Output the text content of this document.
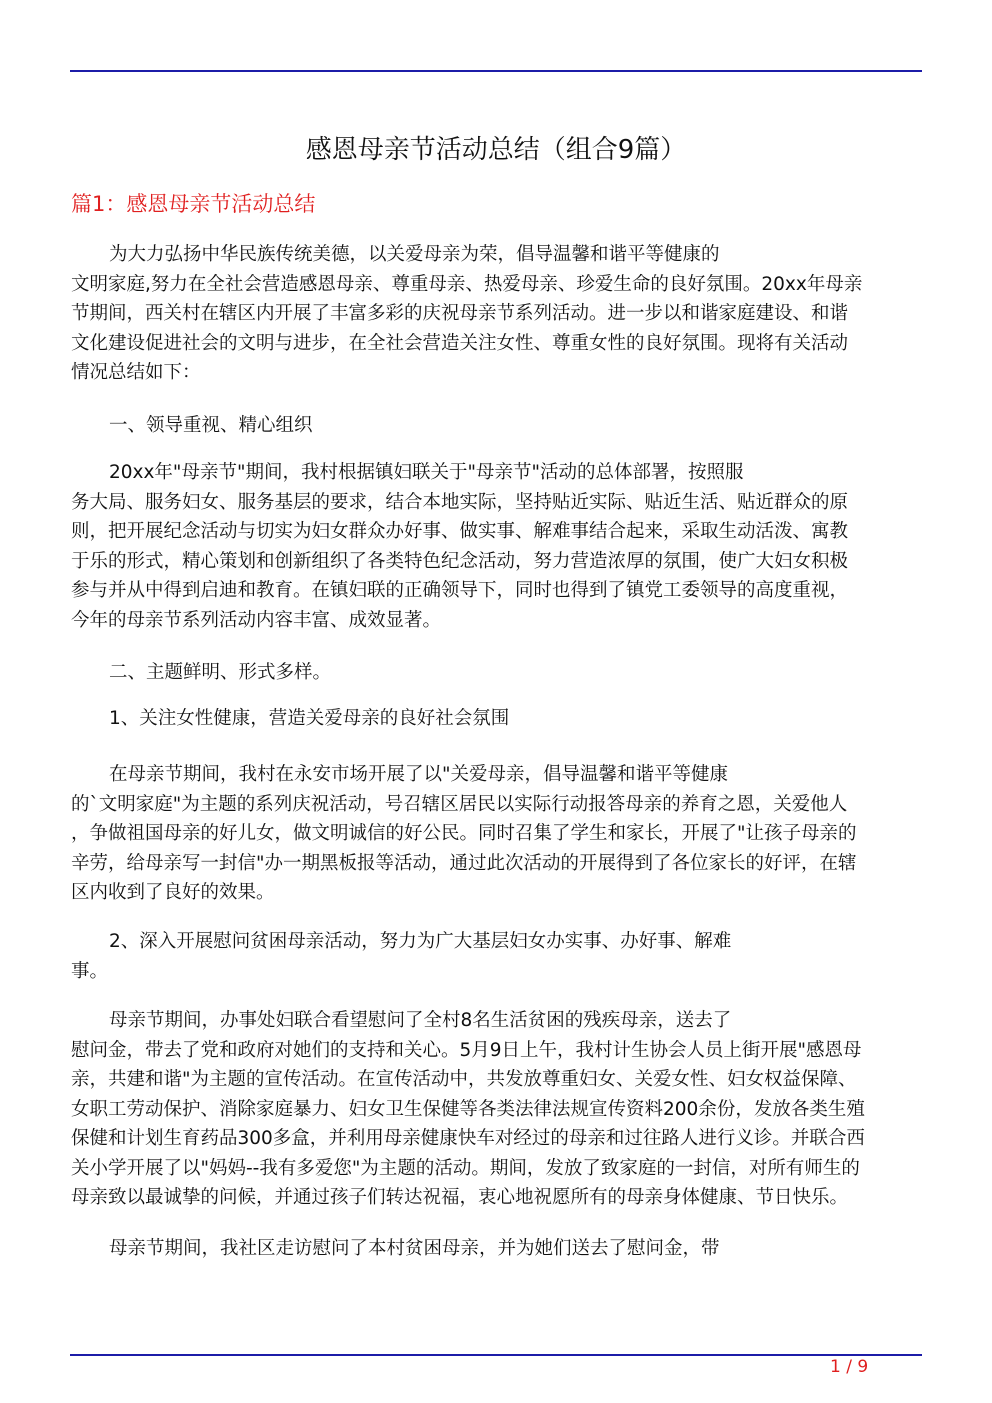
感恩母亲节活动总结（组合9篇）
篇1：感恩母亲节活动总结
为大力弘扬中华民族传统美德，以关爱母亲为荣，倡导温馨和谐平等健康的
文明家庭,努力在全社会营造感恩母亲、尊重母亲、热爱母亲、珍爱生命的良好氛围。20xx年母亲
节期间，西关村在辖区内开展了丰富多彩的庆祝母亲节系列活动。进一步以和谐家庭建设、和谐
文化建设促进社会的文明与进步，在全社会营造关注女性、尊重女性的良好氛围。现将有关活动
情况总结如下：
一、领导重视、精心组织
20xx年"母亲节"期间，我村根据镇妇联关于"母亲节"活动的总体部署，按照服
务大局、服务妇女、服务基层的要求，结合本地实际，坚持贴近实际、贴近生活、贴近群众的原
则，把开展纪念活动与切实为妇女群众办好事、做实事、解难事结合起来，采取生动活泼、寓教
于乐的形式，精心策划和创新组织了各类特色纪念活动，努力营造浓厚的氛围，使广大妇女积极
参与并从中得到启迪和教育。在镇妇联的正确领导下，同时也得到了镇党工委领导的高度重视，
今年的母亲节系列活动内容丰富、成效显著。
二、主题鲜明、形式多样。
1、关注女性健康，营造关爱母亲的良好社会氛围
在母亲节期间，我村在永安市场开展了以"关爱母亲，倡导温馨和谐平等健康
的`文明家庭"为主题的系列庆祝活动，号召辖区居民以实际行动报答母亲的养育之恩，关爱他人
，争做祖国母亲的好儿女，做文明诚信的好公民。同时召集了学生和家长，开展了"让孩子母亲的
辛劳，给母亲写一封信"办一期黑板报等活动，通过此次活动的开展得到了各位家长的好评，在辖
区内收到了良好的效果。
2、深入开展慰问贫困母亲活动，努力为广大基层妇女办实事、办好事、解难
事。
母亲节期间，办事处妇联合看望慰问了全村8名生活贫困的残疾母亲，送去了
慰问金，带去了党和政府对她们的支持和关心。5月9日上午，我村计生协会人员上街开展"感恩母
亲，共建和谐"为主题的宣传活动。在宣传活动中，共发放尊重妇女、关爱女性、妇女权益保障、
女职工劳动保护、消除家庭暴力、妇女卫生保健等各类法律法规宣传资料200余份，发放各类生殖
保健和计划生育药品300多盒，并利用母亲健康快车对经过的母亲和过往路人进行义诊。并联合西
关小学开展了以"妈妈--我有多爱您"为主题的活动。期间，发放了致家庭的一封信，对所有师生的
母亲致以最诚挚的问候，并通过孩子们转达祝福，衷心地祝愿所有的母亲身体健康、节日快乐。
母亲节期间，我社区走访慰问了本村贫困母亲，并为她们送去了慰问金，带
1 / 9
